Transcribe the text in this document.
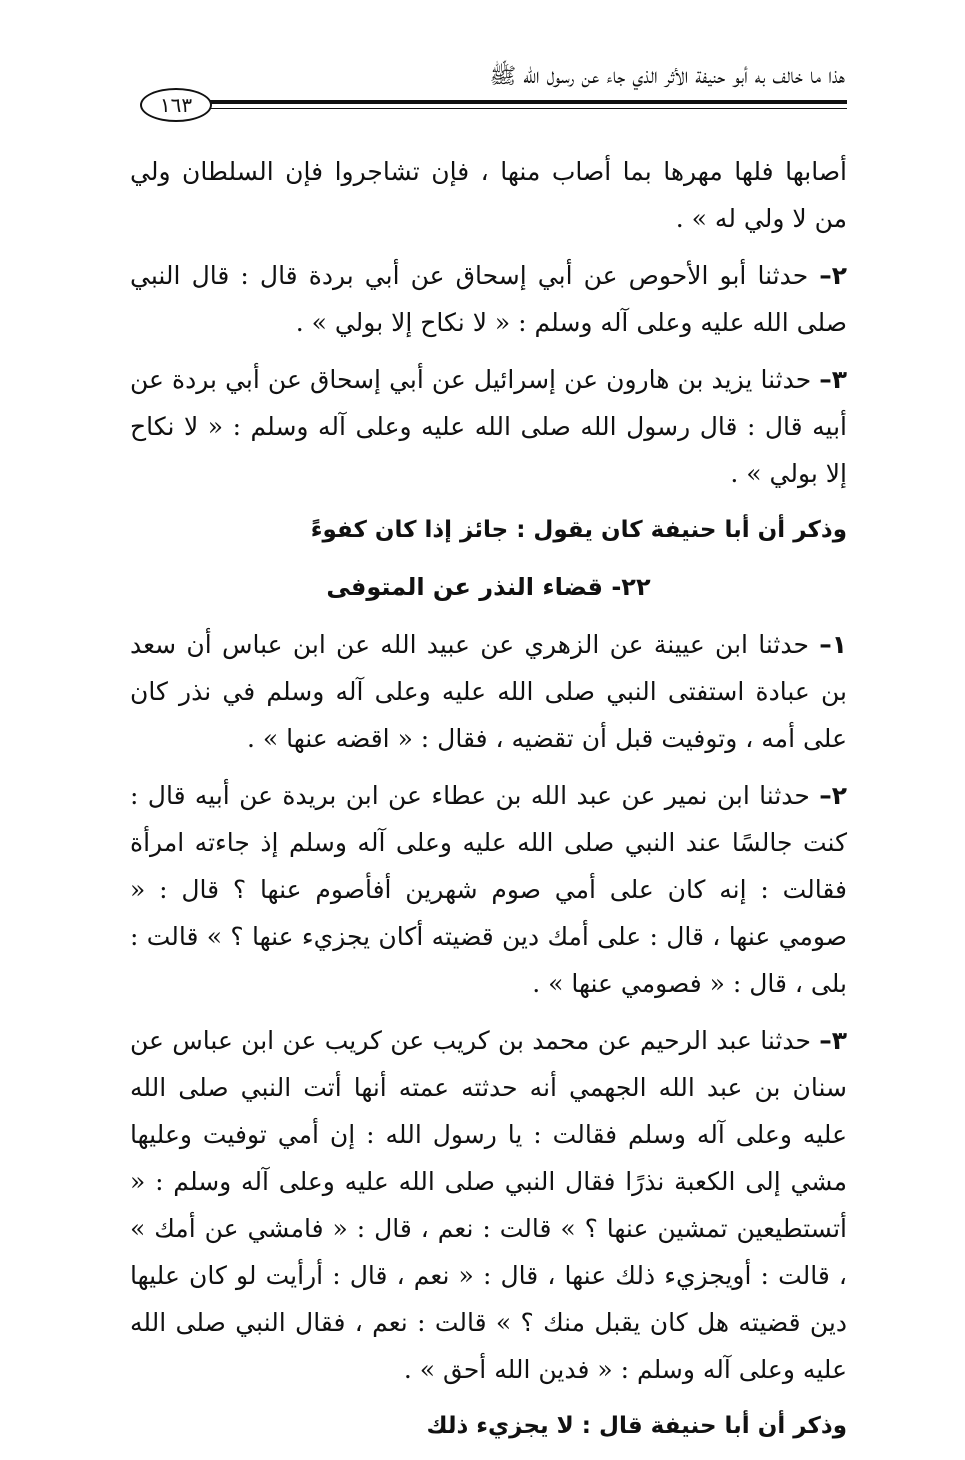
هذا ما خالف به أبو حنيفة الأثر الذي جاء عن رسول الله ﷺ
١٦٣

أصابها فلها مهرها بما أصاب منها ، فإن تشاجروا فإن السلطان ولي من لا ولي له » .

٢– حدثنا أبو الأحوص عن أبي إسحاق عن أبي بردة قال : قال النبي صلى الله عليه وعلى آله وسلم : « لا نكاح إلا بولي » .

٣– حدثنا يزيد بن هارون عن إسرائيل عن أبي إسحاق عن أبي بردة عن أبيه قال : قال رسول الله صلى الله عليه وعلى آله وسلم : « لا نكاح إلا بولي » .

وذكر أن أبا حنيفة كان يقول : جائز إذا كان كفوءً

٢٢- قضاء النذر عن المتوفى

١– حدثنا ابن عيينة عن الزهري عن عبيد الله عن ابن عباس أن سعد بن عبادة استفتى النبي صلى الله عليه وعلى آله وسلم في نذر كان على أمه ، وتوفيت قبل أن تقضيه ، فقال : « اقضه عنها » .

٢– حدثنا ابن نمير عن عبد الله بن عطاء عن ابن بريدة عن أبيه قال : كنت جالسًا عند النبي صلى الله عليه وعلى آله وسلم إذ جاءته امرأة فقالت : إنه كان على أمي صوم شهرين أفأصوم عنها ؟ قال : « صومي عنها ، قال : على أمك دين قضيته أكان يجزيء عنها ؟ » قالت : بلى ، قال : « فصومي عنها » .

٣– حدثنا عبد الرحيم عن محمد بن كريب عن كريب عن ابن عباس عن سنان بن عبد الله الجهمي أنه حدثته عمته أنها أتت النبي صلى الله عليه وعلى آله وسلم فقالت : يا رسول الله : إن أمي توفيت وعليها مشي إلى الكعبة نذرًا فقال النبي صلى الله عليه وعلى آله وسلم : « أتستطيعين تمشين عنها ؟ » قالت : نعم ، قال : « فامشي عن أمك » ، قالت : أويجزيء ذلك عنها ، قال : « نعم ، قال : أرأيت لو كان عليها دين قضيته هل كان يقبل منك ؟ » قالت : نعم ، فقال النبي صلى الله عليه وعلى آله وسلم : « فدين الله أحق » .

وذكر أن أبا حنيفة قال : لا يجزيء ذلك
